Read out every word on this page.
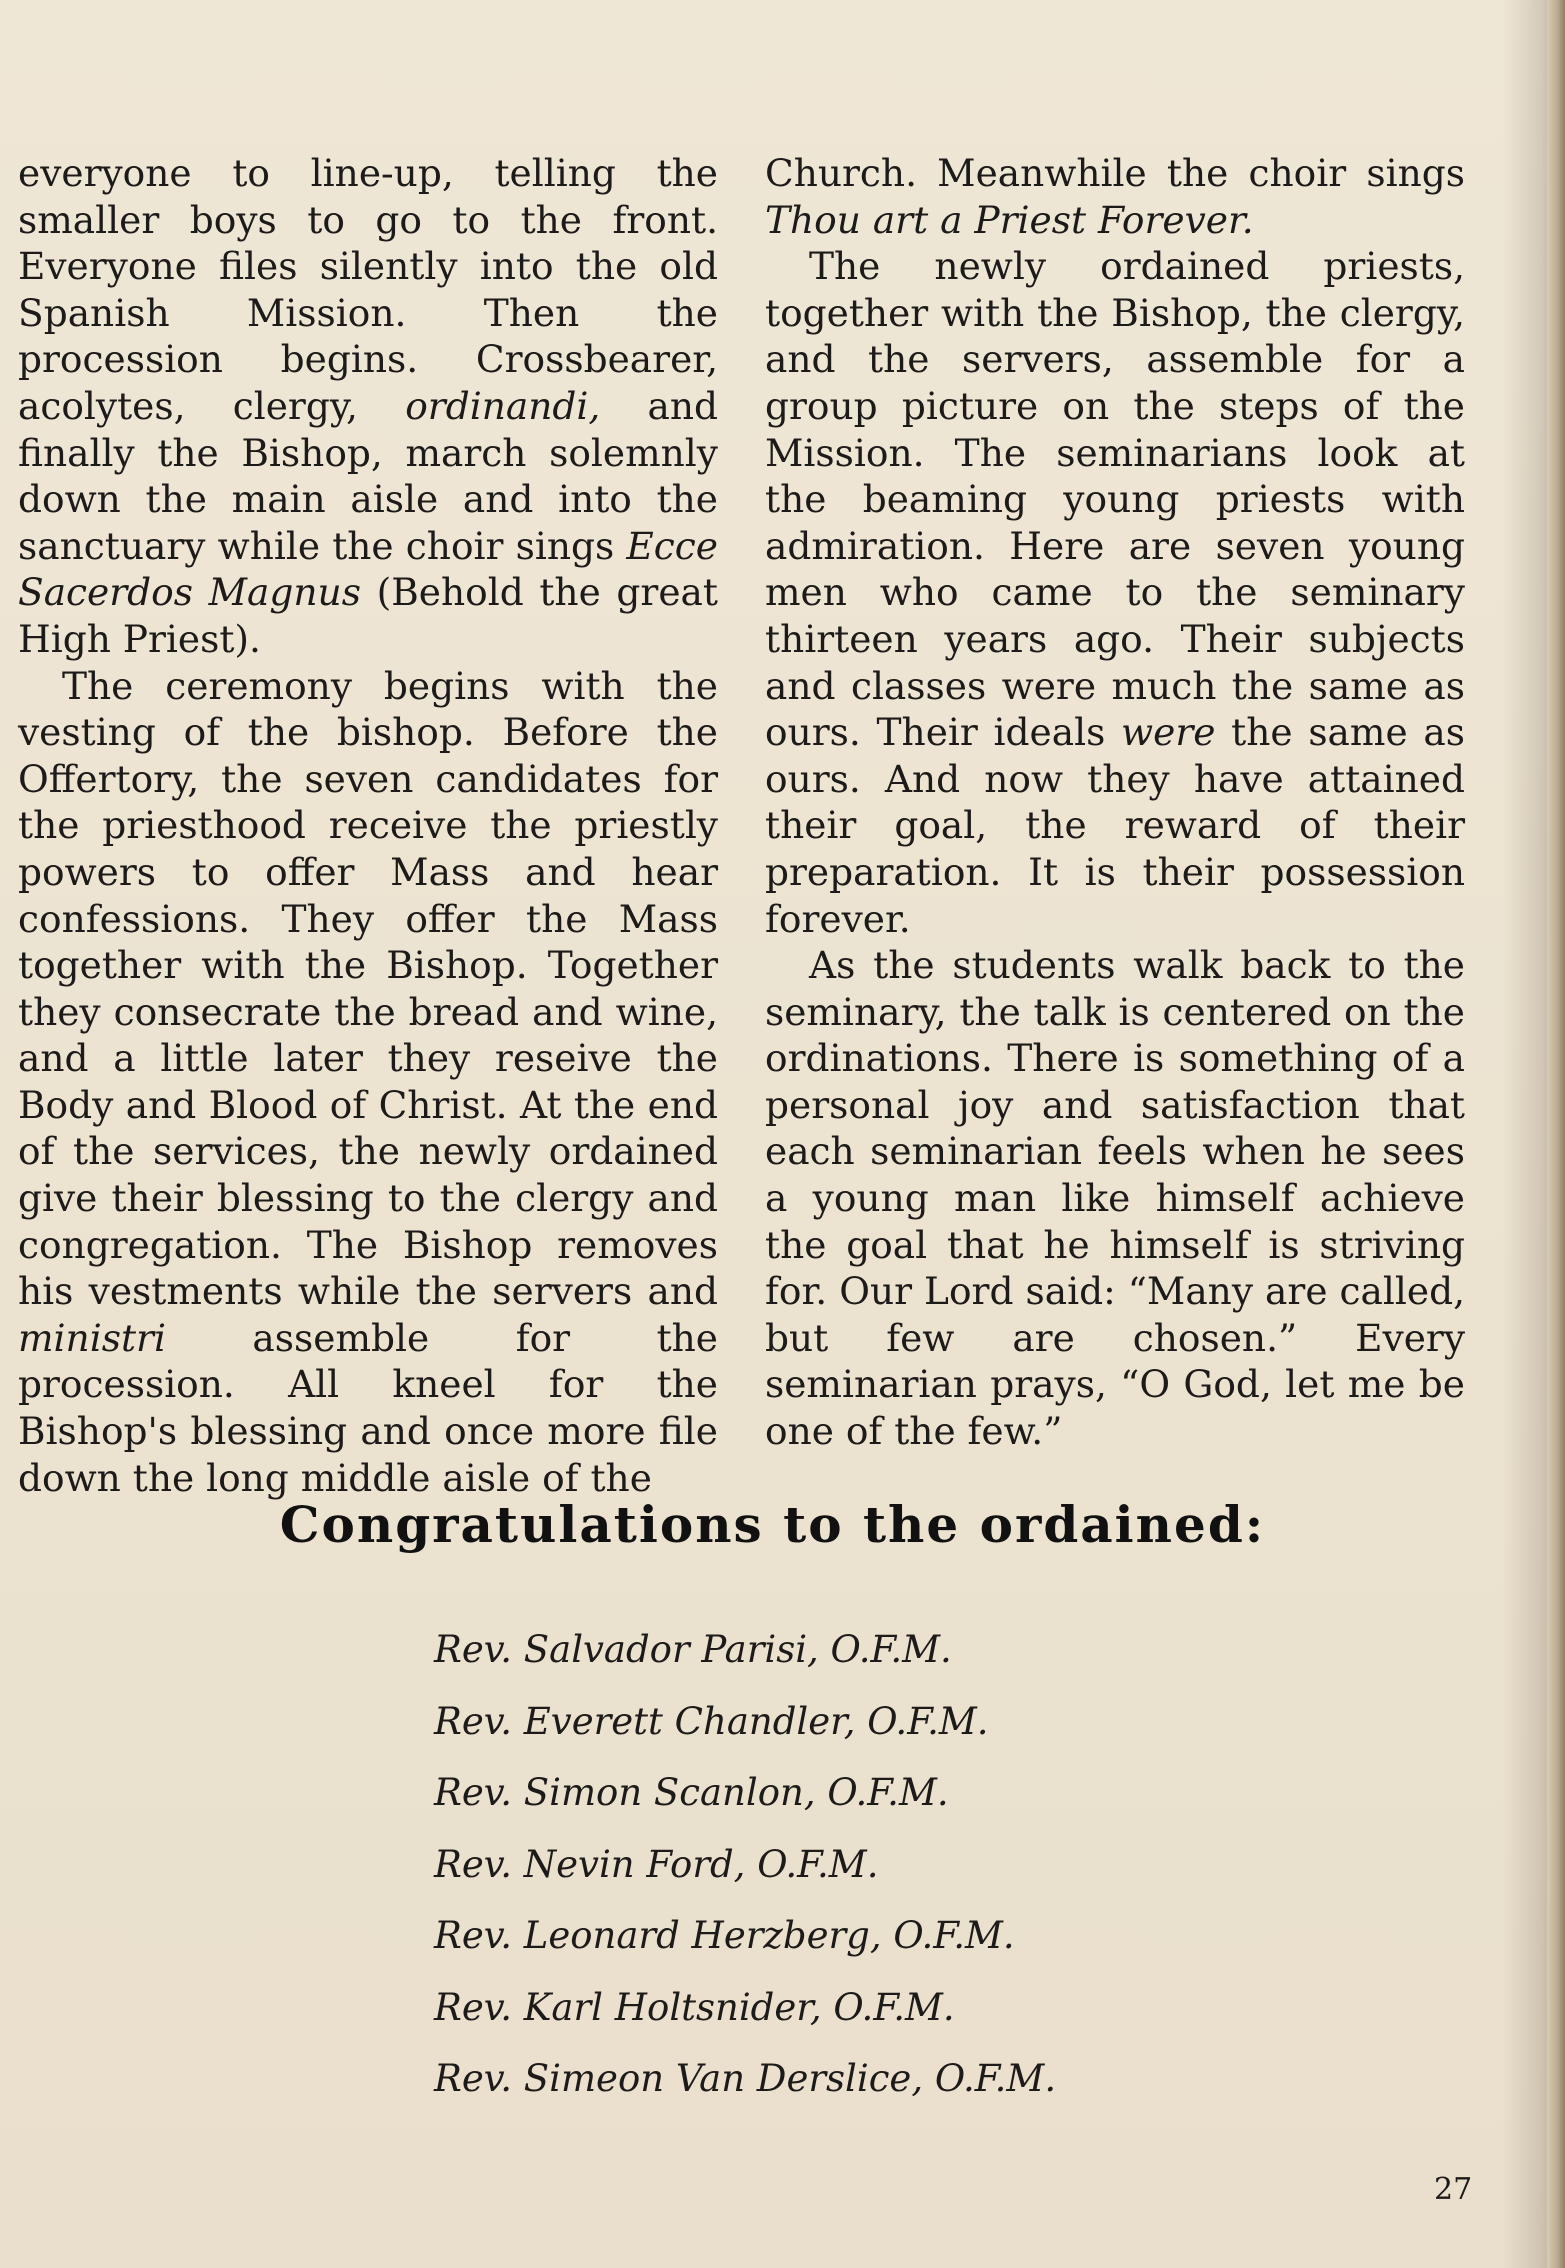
everyone to line-up, telling the smaller boys to go to the front. Everyone files silently into the old Spanish Mission. Then the procession begins. Crossbearer, acolytes, clergy, ordinandi, and finally the Bishop, march solemnly down the main aisle and into the sanctuary while the choir sings Ecce Sacerdos Magnus (Behold the great High Priest).

The ceremony begins with the vesting of the bishop. Before the Offertory, the seven candidates for the priesthood receive the priestly powers to offer Mass and hear confessions. They offer the Mass together with the Bishop. Together they consecrate the bread and wine, and a little later they reseive the Body and Blood of Christ. At the end of the services, the newly ordained give their blessing to the clergy and congregation. The Bishop removes his vestments while the servers and ministri assemble for the procession. All kneel for the Bishop's blessing and once more file down the long middle aisle of the

Church. Meanwhile the choir sings Thou art a Priest Forever.

The newly ordained priests, together with the Bishop, the clergy, and the servers, assemble for a group picture on the steps of the Mission. The seminarians look at the beaming young priests with admiration. Here are seven young men who came to the seminary thirteen years ago. Their subjects and classes were much the same as ours. Their ideals were the same as ours. And now they have attained their goal, the reward of their preparation. It is their possession forever.

As the students walk back to the seminary, the talk is centered on the ordinations. There is something of a personal joy and satisfaction that each seminarian feels when he sees a young man like himself achieve the goal that he himself is striving for. Our Lord said: “Many are called, but few are chosen.” Every seminarian prays, “O God, let me be one of the few.”

Congratulations to the ordained:
Rev. Salvador Parisi, O.F.M.
Rev. Everett Chandler, O.F.M.
Rev. Simon Scanlon, O.F.M.
Rev. Nevin Ford, O.F.M.
Rev. Leonard Herzberg, O.F.M.
Rev. Karl Holtsnider, O.F.M.
Rev. Simeon Van Derslice, O.F.M.
27
